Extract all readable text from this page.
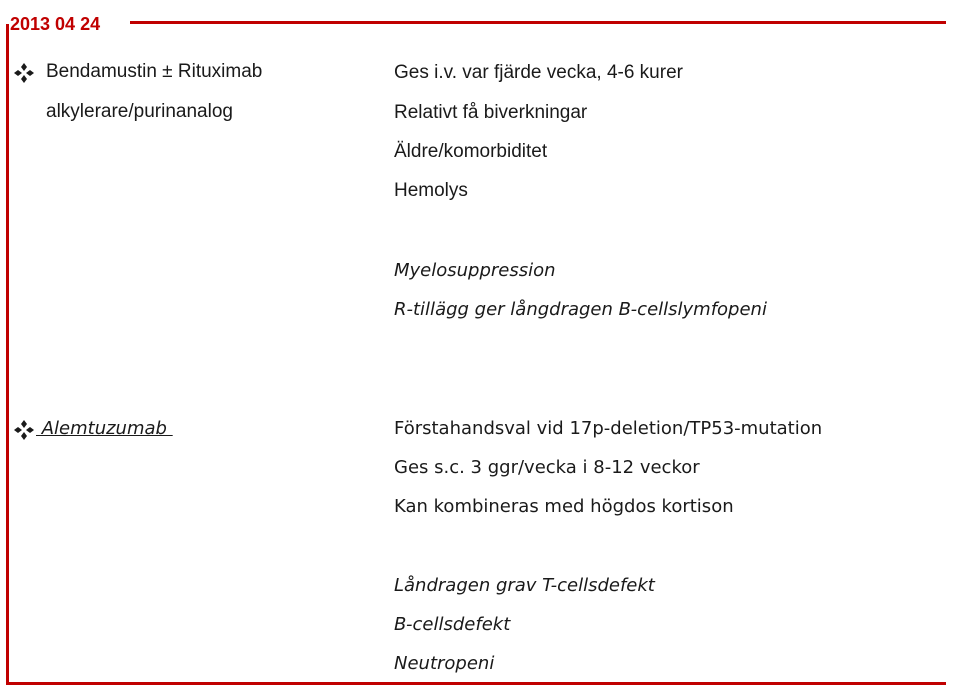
2013 04 24
Bendamustin ± Rituximab
alkylerare/purinanalog
Ges i.v. var fjärde vecka, 4-6 kurer
Relativt få biverkningar
Äldre/komorbiditet
Hemolys
Myelosuppression
R-tillägg ger långdragen B-cellslymfopeni
Alemtuzumab	Förstahandsval vid 17p-deletion/TP53-mutation
Ges s.c. 3 ggr/vecka i 8-12 veckor
Kan kombineras med högdos kortison
Låndragen grav T-cellsdefekt
B-cellsdefekt
Neutropeni
